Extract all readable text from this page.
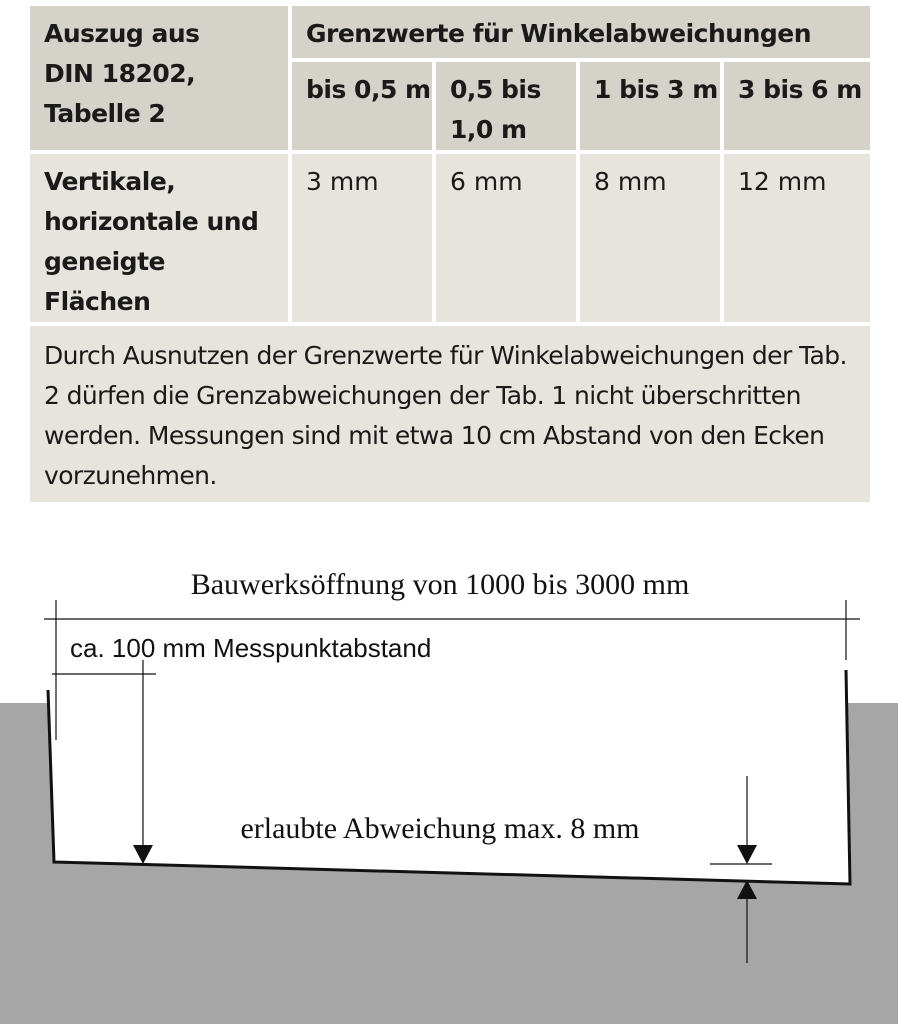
Auszug aus DIN 18202, Tabelle 2	Grenzwerte für Winkelabweichungen			
	bis 0,5 m	0,5 bis 1,0 m	1 bis 3 m	3 bis 6 m
Vertikale, horizontale und geneigte Flächen	3 mm	6 mm	8 mm	12 mm
Durch Ausnutzen der Grenzwerte für Winkelabweichungen der Tab. 2 dürfen die Grenzabweichungen der Tab. 1 nicht überschritten werden. Messungen sind mit etwa 10 cm Abstand von den Ecken vorzunehmen.				
Bauwerksöffnung von 1000 bis 3000 mm
ca. 100 mm Messpunktabstand
erlaubte Abweichung max. 8 mm
